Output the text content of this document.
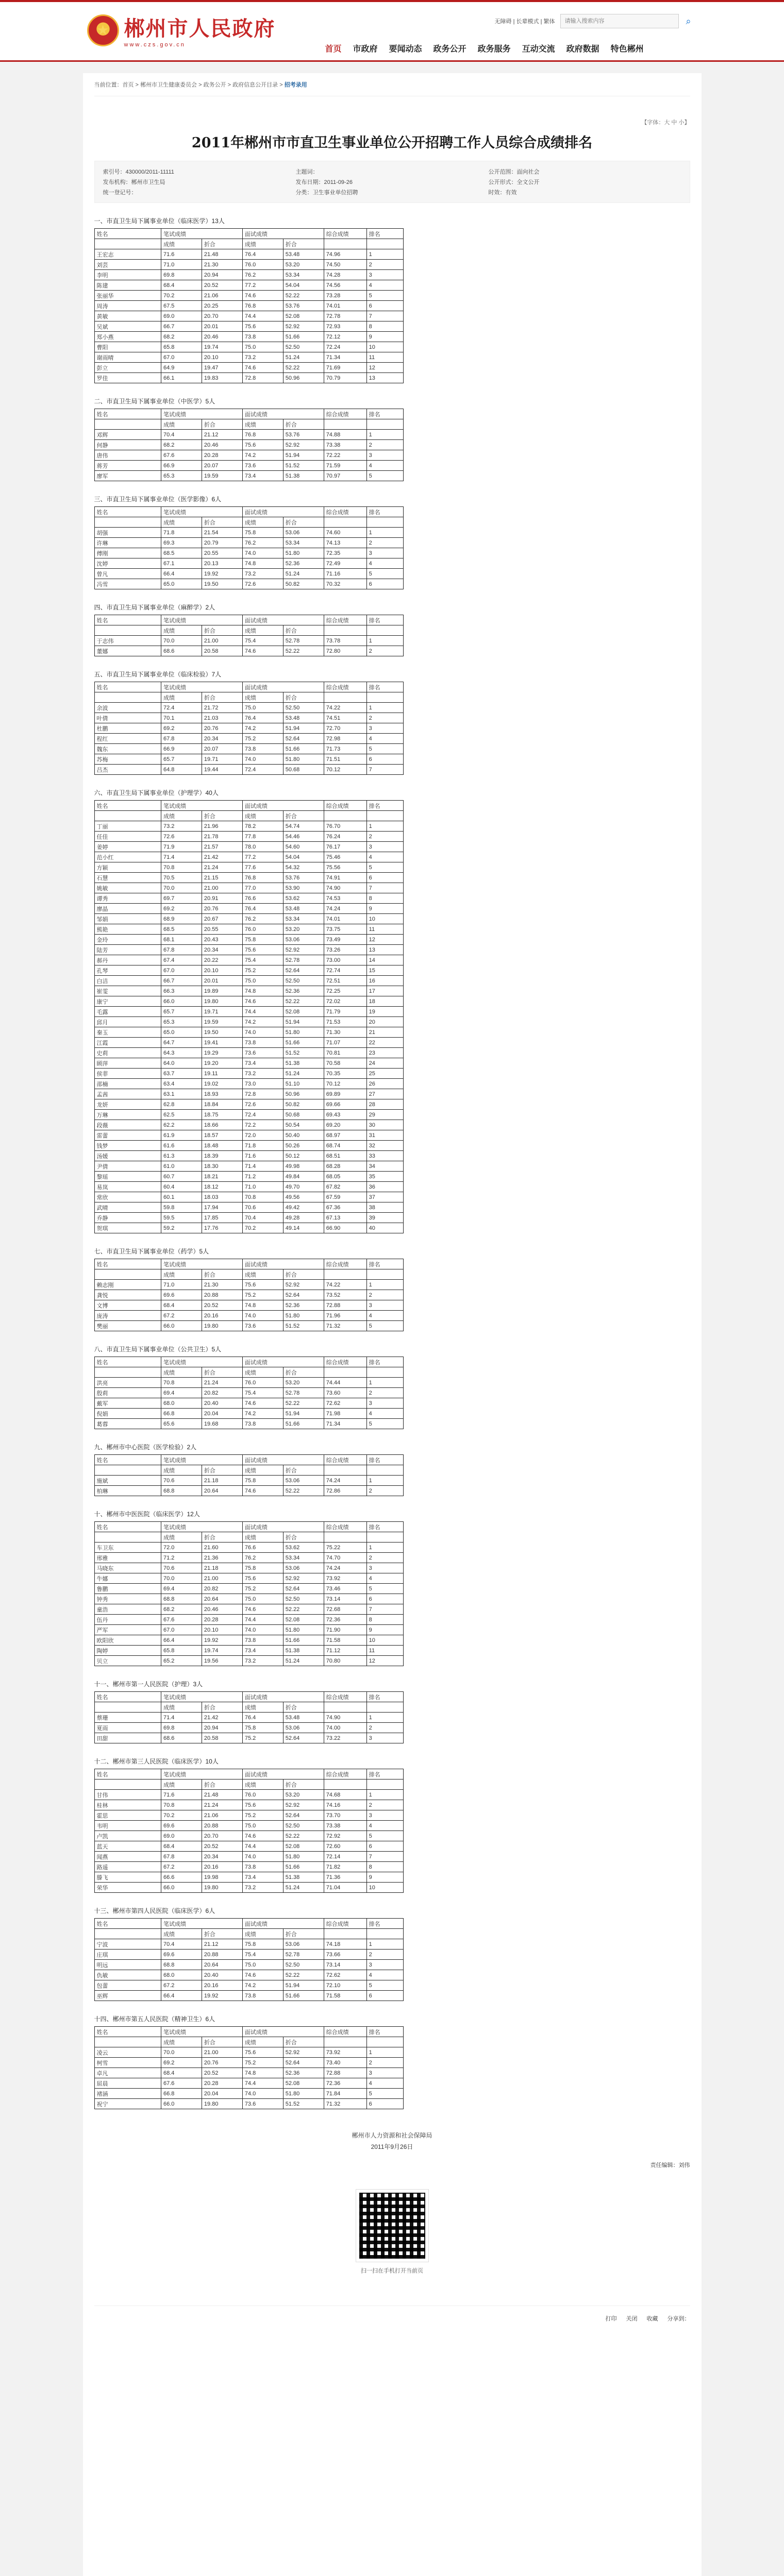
★ 郴州市人民政府
www.czs.gov.cn
无障碍 | 长辈模式 | 繁体
请输入搜索内容	⌕
首页 市政府 要闻动态 政务公开 政务服务 互动交流 政府数据 特色郴州
当前位置：首页 > 郴州市卫生健康委员会 > 政务公开 > 政府信息公开目录 > 招考录用
【字体：大 中 小】
2011年郴州市市直卫生事业单位公开招聘工作人员综合成绩排名
索引号：430000/2011-11111	主题词：	公开范围：面向社会
发布机构：郴州市卫生局	发布日期：2011-09-26	公开形式：全文公开
统一登记号：	分类：卫生事业单位招聘	时效：有效
一、市直卫生局下属事业单位（临床医学）13人
姓名	笔试成绩		面试成绩		综合成绩	排名
	成绩	折合	成绩	折合		
王宏志	71.6	21.48	76.4	53.48	74.96	1
刘芸	71.0	21.30	76.0	53.20	74.50	2
李明	69.8	20.94	76.2	53.34	74.28	3
陈建	68.4	20.52	77.2	54.04	74.56	4
张丽华	70.2	21.06	74.6	52.22	73.28	5
周涛	67.5	20.25	76.8	53.76	74.01	6
黄敏	69.0	20.70	74.4	52.08	72.78	7
吴斌	66.7	20.01	75.6	52.92	72.93	8
郑小燕	68.2	20.46	73.8	51.66	72.12	9
曹阳	65.8	19.74	75.0	52.50	72.24	10
谢雨晴	67.0	20.10	73.2	51.24	71.34	11
彭立	64.9	19.47	74.6	52.22	71.69	12
罗佳	66.1	19.83	72.8	50.96	70.79	13
二、市直卫生局下属事业单位（中医学）5人
姓名	笔试成绩		面试成绩		综合成绩	排名
	成绩	折合	成绩	折合		
邓辉	70.4	21.12	76.8	53.76	74.88	1
何静	68.2	20.46	75.6	52.92	73.38	2
唐伟	67.6	20.28	74.2	51.94	72.22	3
蒋芳	66.9	20.07	73.6	51.52	71.59	4
廖军	65.3	19.59	73.4	51.38	70.97	5
三、市直卫生局下属事业单位（医学影像）6人
姓名	笔试成绩		面试成绩		综合成绩	排名
	成绩	折合	成绩	折合		
胡强	71.8	21.54	75.8	53.06	74.60	1
许琳	69.3	20.79	76.2	53.34	74.13	2
傅刚	68.5	20.55	74.0	51.80	72.35	3
沈婷	67.1	20.13	74.8	52.36	72.49	4
曾凡	66.4	19.92	73.2	51.24	71.16	5
冯雪	65.0	19.50	72.6	50.82	70.32	6
四、市直卫生局下属事业单位（麻醉学）2人
姓名	笔试成绩		面试成绩		综合成绩	排名
	成绩	折合	成绩	折合		
于志伟	70.0	21.00	75.4	52.78	73.78	1
董娜	68.6	20.58	74.6	52.22	72.80	2
五、市直卫生局下属事业单位（临床检验）7人
姓名	笔试成绩		面试成绩		综合成绩	排名
	成绩	折合	成绩	折合		
余波	72.4	21.72	75.0	52.50	74.22	1
叶倩	70.1	21.03	76.4	53.48	74.51	2
杜鹏	69.2	20.76	74.2	51.94	72.70	3
程红	67.8	20.34	75.2	52.64	72.98	4
魏东	66.9	20.07	73.8	51.66	71.73	5
苏梅	65.7	19.71	74.0	51.80	71.51	6
吕杰	64.8	19.44	72.4	50.68	70.12	7
六、市直卫生局下属事业单位（护理学）40人
姓名	笔试成绩		面试成绩		综合成绩	排名
	成绩	折合	成绩	折合		
丁丽	73.2	21.96	78.2	54.74	76.70	1
任佳	72.6	21.78	77.8	54.46	76.24	2
姜婷	71.9	21.57	78.0	54.60	76.17	3
范小红	71.4	21.42	77.2	54.04	75.46	4
方颖	70.8	21.24	77.6	54.32	75.56	5
石慧	70.5	21.15	76.8	53.76	74.91	6
姚敏	70.0	21.00	77.0	53.90	74.90	7
谭秀	69.7	20.91	76.6	53.62	74.53	8
廖晶	69.2	20.76	76.4	53.48	74.24	9
邹娟	68.9	20.67	76.2	53.34	74.01	10
熊艳	68.5	20.55	76.0	53.20	73.75	11
金玲	68.1	20.43	75.8	53.06	73.49	12
陆芳	67.8	20.34	75.6	52.92	73.26	13
郝丹	67.4	20.22	75.4	52.78	73.00	14
孔琴	67.0	20.10	75.2	52.64	72.74	15
白洁	66.7	20.01	75.0	52.50	72.51	16
崔雯	66.3	19.89	74.8	52.36	72.25	17
康宁	66.0	19.80	74.6	52.22	72.02	18
毛露	65.7	19.71	74.4	52.08	71.79	19
邱月	65.3	19.59	74.2	51.94	71.53	20
秦玉	65.0	19.50	74.0	51.80	71.30	21
江霞	64.7	19.41	73.8	51.66	71.07	22
史莉	64.3	19.29	73.6	51.52	70.81	23
顾萍	64.0	19.20	73.4	51.38	70.58	24
侯菲	63.7	19.11	73.2	51.24	70.35	25
邵楠	63.4	19.02	73.0	51.10	70.12	26
孟茜	63.1	18.93	72.8	50.96	69.89	27
龙妍	62.8	18.84	72.6	50.82	69.66	28
万琳	62.5	18.75	72.4	50.68	69.43	29
段薇	62.2	18.66	72.2	50.54	69.20	30
雷蕾	61.9	18.57	72.0	50.40	68.97	31
钱梦	61.6	18.48	71.8	50.26	68.74	32
汤媛	61.3	18.39	71.6	50.12	68.51	33
尹倩	61.0	18.30	71.4	49.98	68.28	34
黎瑶	60.7	18.21	71.2	49.84	68.05	35
易岚	60.4	18.12	71.0	49.70	67.82	36
常欣	60.1	18.03	70.8	49.56	67.59	37
武晴	59.8	17.94	70.6	49.42	67.36	38
乔静	59.5	17.85	70.4	49.28	67.13	39
贺琪	59.2	17.76	70.2	49.14	66.90	40
七、市直卫生局下属事业单位（药学）5人
姓名	笔试成绩		面试成绩		综合成绩	排名
	成绩	折合	成绩	折合		
赖志刚	71.0	21.30	75.6	52.92	74.22	1
龚悦	69.6	20.88	75.2	52.64	73.52	2
文博	68.4	20.52	74.8	52.36	72.88	3
庞涛	67.2	20.16	74.0	51.80	71.96	4
樊丽	66.0	19.80	73.6	51.52	71.32	5
八、市直卫生局下属事业单位（公共卫生）5人
姓名	笔试成绩		面试成绩		综合成绩	排名
	成绩	折合	成绩	折合		
洪亮	70.8	21.24	76.0	53.20	74.44	1
殷莉	69.4	20.82	75.4	52.78	73.60	2
戴军	68.0	20.40	74.6	52.22	72.62	3
倪娟	66.8	20.04	74.2	51.94	71.98	4
葛蓉	65.6	19.68	73.8	51.66	71.34	5
九、郴州市中心医院（医学检验）2人
姓名	笔试成绩		面试成绩		综合成绩	排名
	成绩	折合	成绩	折合		
施斌	70.6	21.18	75.8	53.06	74.24	1
柏琳	68.8	20.64	74.6	52.22	72.86	2
十、郴州市中医医院（临床医学）12人
姓名	笔试成绩		面试成绩		综合成绩	排名
	成绩	折合	成绩	折合		
车卫东	72.0	21.60	76.6	53.62	75.22	1
邢雅	71.2	21.36	76.2	53.34	74.70	2
马晓东	70.6	21.18	75.8	53.06	74.24	3
牛娜	70.0	21.00	75.6	52.92	73.92	4
鲁鹏	69.4	20.82	75.2	52.64	73.46	5
钟秀	68.8	20.64	75.0	52.50	73.14	6
童浩	68.2	20.46	74.6	52.22	72.68	7
伍丹	67.6	20.28	74.4	52.08	72.36	8
严军	67.0	20.10	74.0	51.80	71.90	9
欧阳欣	66.4	19.92	73.8	51.66	71.58	10
陶婷	65.8	19.74	73.4	51.38	71.12	11
贝立	65.2	19.56	73.2	51.24	70.80	12
十一、郴州市第一人民医院（护理）3人
姓名	笔试成绩		面试成绩		综合成绩	排名
	成绩	折合	成绩	折合		
蔡珊	71.4	21.42	76.4	53.48	74.90	1
夏雨	69.8	20.94	75.8	53.06	74.00	2
田甜	68.6	20.58	75.2	52.64	73.22	3
十二、郴州市第三人民医院（临床医学）10人
姓名	笔试成绩		面试成绩		综合成绩	排名
	成绩	折合	成绩	折合		
甘伟	71.6	21.48	76.0	53.20	74.68	1
桂林	70.8	21.24	75.6	52.92	74.16	2
霍思	70.2	21.06	75.2	52.64	73.70	3
韦明	69.6	20.88	75.0	52.50	73.38	4
卢凯	69.0	20.70	74.6	52.22	72.92	5
蓝天	68.4	20.52	74.4	52.08	72.60	6
闻燕	67.8	20.34	74.0	51.80	72.14	7
路遥	67.2	20.16	73.8	51.66	71.82	8
滕飞	66.6	19.98	73.4	51.38	71.36	9
荣华	66.0	19.80	73.2	51.24	71.04	10
十三、郴州市第四人民医院（临床医学）6人
姓名	笔试成绩		面试成绩		综合成绩	排名
	成绩	折合	成绩	折合		
宁波	70.4	21.12	75.8	53.06	74.18	1
庄琪	69.6	20.88	75.4	52.78	73.66	2
明远	68.8	20.64	75.0	52.50	73.14	3
仇敏	68.0	20.40	74.6	52.22	72.62	4
包蕾	67.2	20.16	74.2	51.94	72.10	5
巫辉	66.4	19.92	73.8	51.66	71.58	6
十四、郴州市第五人民医院（精神卫生）6人
姓名	笔试成绩		面试成绩		综合成绩	排名
	成绩	折合	成绩	折合		
凌云	70.0	21.00	75.6	52.92	73.92	1
柯雪	69.2	20.76	75.2	52.64	73.40	2
卓凡	68.4	20.52	74.8	52.36	72.88	3
屈晨	67.6	20.28	74.4	52.08	72.36	4
褚涵	66.8	20.04	74.0	51.80	71.84	5
祝宁	66.0	19.80	73.6	51.52	71.32	6
郴州市人力资源和社会保障局
2011年9月26日
责任编辑：刘伟
扫一扫在手机打开当前页
打印 关闭 收藏 分享到：
